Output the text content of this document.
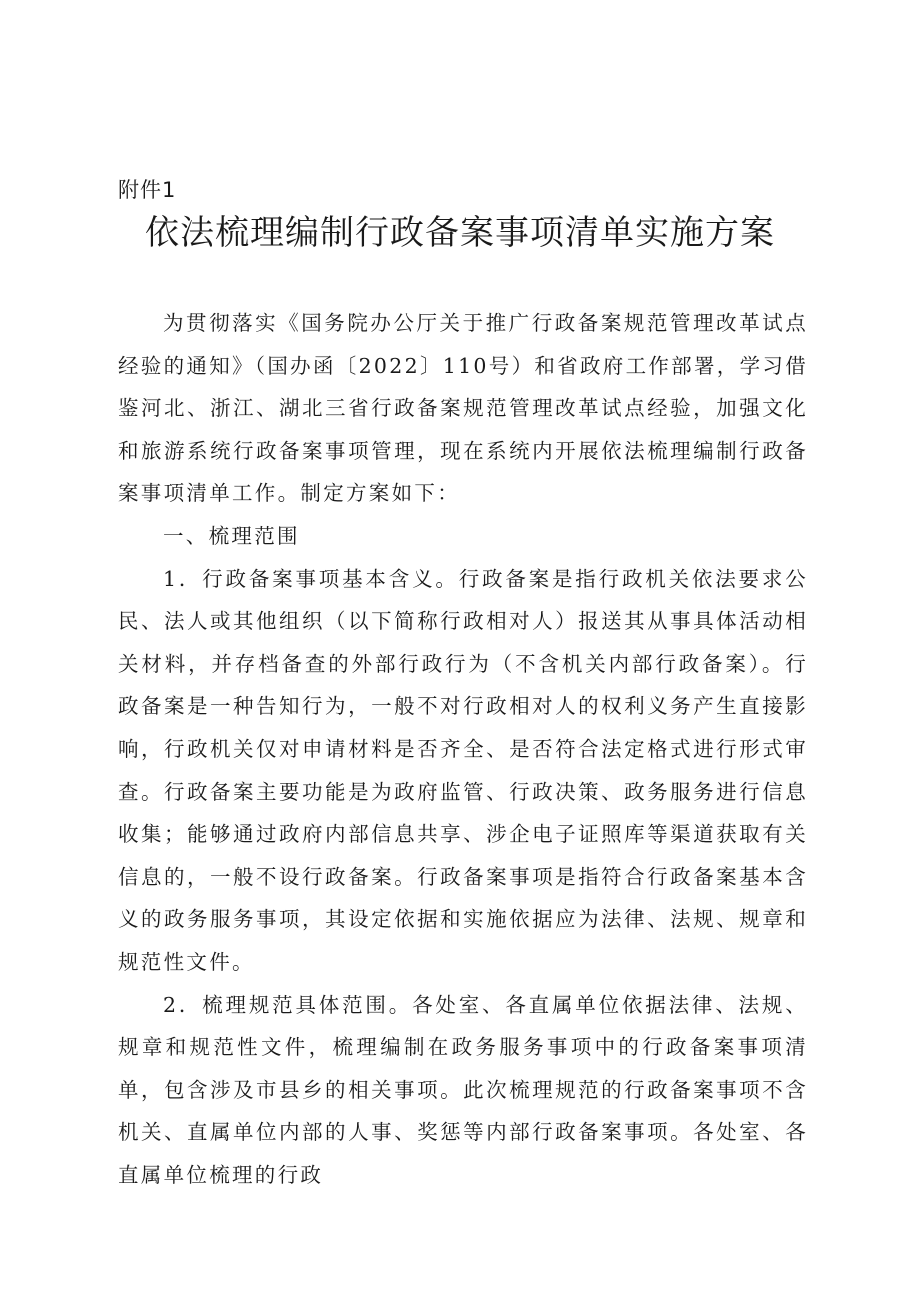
附件1
依法梳理编制行政备案事项清单实施方案

为贯彻落实《国务院办公厅关于推广行政备案规范管理改革试点经验的通知》（国办函〔2022〕110号）和省政府工作部署，学习借鉴河北、浙江、湖北三省行政备案规范管理改革试点经验，加强文化和旅游系统行政备案事项管理，现在系统内开展依法梳理编制行政备案事项清单工作。制定方案如下：

一、梳理范围

1．行政备案事项基本含义。行政备案是指行政机关依法要求公民、法人或其他组织（以下简称行政相对人）报送其从事具体活动相关材料，并存档备查的外部行政行为（不含机关内部行政备案）。行政备案是一种告知行为，一般不对行政相对人的权利义务产生直接影响，行政机关仅对申请材料是否齐全、是否符合法定格式进行形式审查。行政备案主要功能是为政府监管、行政决策、政务服务进行信息收集；能够通过政府内部信息共享、涉企电子证照库等渠道获取有关信息的，一般不设行政备案。行政备案事项是指符合行政备案基本含义的政务服务事项，其设定依据和实施依据应为法律、法规、规章和规范性文件。

2．梳理规范具体范围。各处室、各直属单位依据法律、法规、规章和规范性文件，梳理编制在政务服务事项中的行政备案事项清单，包含涉及市县乡的相关事项。此次梳理规范的行政备案事项不含机关、直属单位内部的人事、奖惩等内部行政备案事项。各处室、各直属单位梳理的行政
